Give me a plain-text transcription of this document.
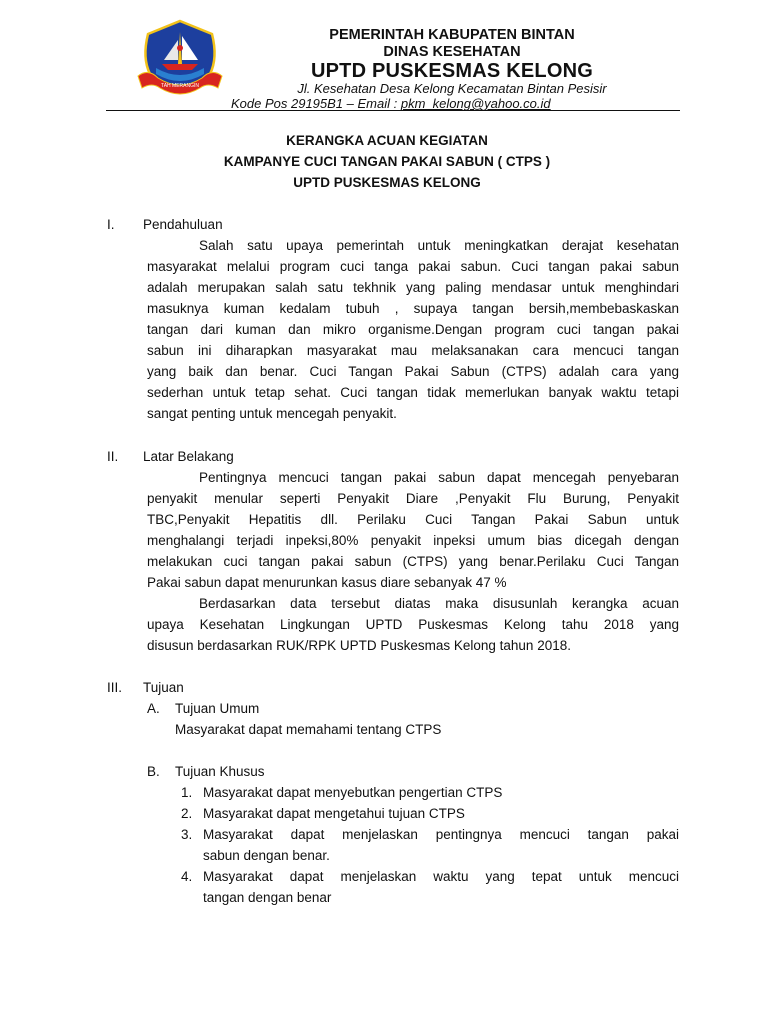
TAH MERANGIN
PEMERINTAH KABUPATEN BINTAN
DINAS KESEHATAN
UPTD PUSKESMAS KELONG
Jl. Kesehatan Desa Kelong Kecamatan Bintan Pesisir
Kode Pos 29195B1 – Email : pkm_kelong@yahoo.co.id
KERANGKA ACUAN KEGIATAN
KAMPANYE CUCI TANGAN PAKAI SABUN ( CTPS )
UPTD PUSKESMAS KELONG
I. Pendahuluan
Salah satu upaya pemerintah untuk meningkatkan derajat kesehatan
masyarakat melalui program cuci tanga pakai sabun. Cuci tangan pakai sabun
adalah merupakan salah satu tekhnik yang paling mendasar untuk menghindari
masuknya kuman kedalam tubuh , supaya tangan bersih,membebaskaskan
tangan dari kuman dan mikro organisme.Dengan program cuci tangan pakai
sabun ini diharapkan masyarakat mau melaksanakan cara mencuci tangan
yang baik dan benar. Cuci Tangan Pakai Sabun (CTPS) adalah cara yang
sederhan untuk tetap sehat. Cuci tangan tidak memerlukan banyak waktu tetapi
sangat penting untuk mencegah penyakit.
II. Latar Belakang
Pentingnya mencuci tangan pakai sabun dapat mencegah penyebaran
penyakit menular seperti Penyakit Diare ,Penyakit Flu Burung, Penyakit
TBC,Penyakit Hepatitis dll. Perilaku Cuci Tangan Pakai Sabun untuk
menghalangi terjadi inpeksi,80% penyakit inpeksi umum bias dicegah dengan
melakukan cuci tangan pakai sabun (CTPS) yang benar.Perilaku Cuci Tangan
Pakai sabun dapat menurunkan kasus diare sebanyak 47 %
Berdasarkan data tersebut diatas maka disusunlah kerangka acuan
upaya Kesehatan Lingkungan UPTD Puskesmas Kelong tahu 2018 yang
disusun berdasarkan RUK/RPK UPTD Puskesmas Kelong tahun 2018.
III. Tujuan
A. Tujuan Umum
Masyarakat dapat memahami tentang CTPS
B. Tujuan Khusus
1. Masyarakat dapat menyebutkan pengertian CTPS
2. Masyarakat dapat mengetahui tujuan CTPS
3. Masyarakat dapat menjelaskan pentingnya mencuci tangan pakai
sabun dengan benar.
4. Masyarakat dapat menjelaskan waktu yang tepat untuk mencuci
tangan dengan benar
